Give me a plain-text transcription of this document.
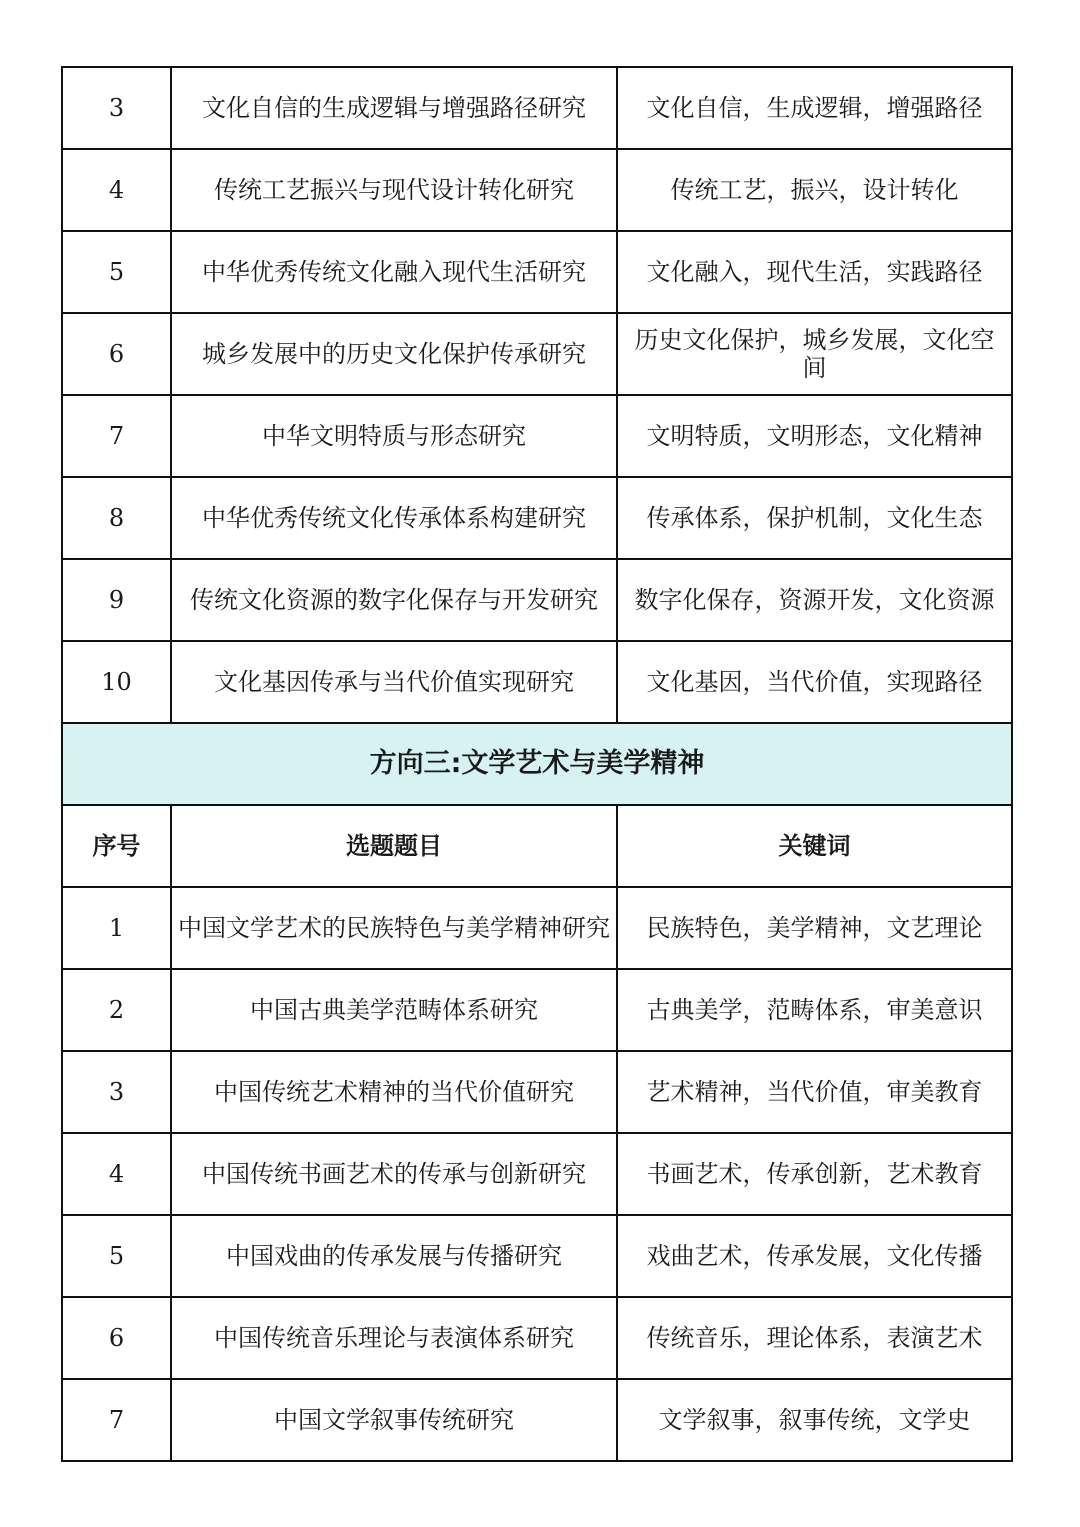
3	文化自信的生成逻辑与增强路径研究	文化自信，生成逻辑，增强路径
4	传统工艺振兴与现代设计转化研究	传统工艺，振兴，设计转化
5	中华优秀传统文化融入现代生活研究	文化融入，现代生活，实践路径
6	城乡发展中的历史文化保护传承研究	历史文化保护，城乡发展，文化空间
7	中华文明特质与形态研究	文明特质，文明形态，文化精神
8	中华优秀传统文化传承体系构建研究	传承体系，保护机制，文化生态
9	传统文化资源的数字化保存与开发研究	数字化保存，资源开发，文化资源
10	文化基因传承与当代价值实现研究	文化基因，当代价值，实现路径
方向三:文学艺术与美学精神		
序号	选题题目	关键词
1	中国文学艺术的民族特色与美学精神研究	民族特色，美学精神，文艺理论
2	中国古典美学范畴体系研究	古典美学，范畴体系，审美意识
3	中国传统艺术精神的当代价值研究	艺术精神，当代价值，审美教育
4	中国传统书画艺术的传承与创新研究	书画艺术，传承创新，艺术教育
5	中国戏曲的传承发展与传播研究	戏曲艺术，传承发展，文化传播
6	中国传统音乐理论与表演体系研究	传统音乐，理论体系，表演艺术
7	中国文学叙事传统研究	文学叙事，叙事传统，文学史
